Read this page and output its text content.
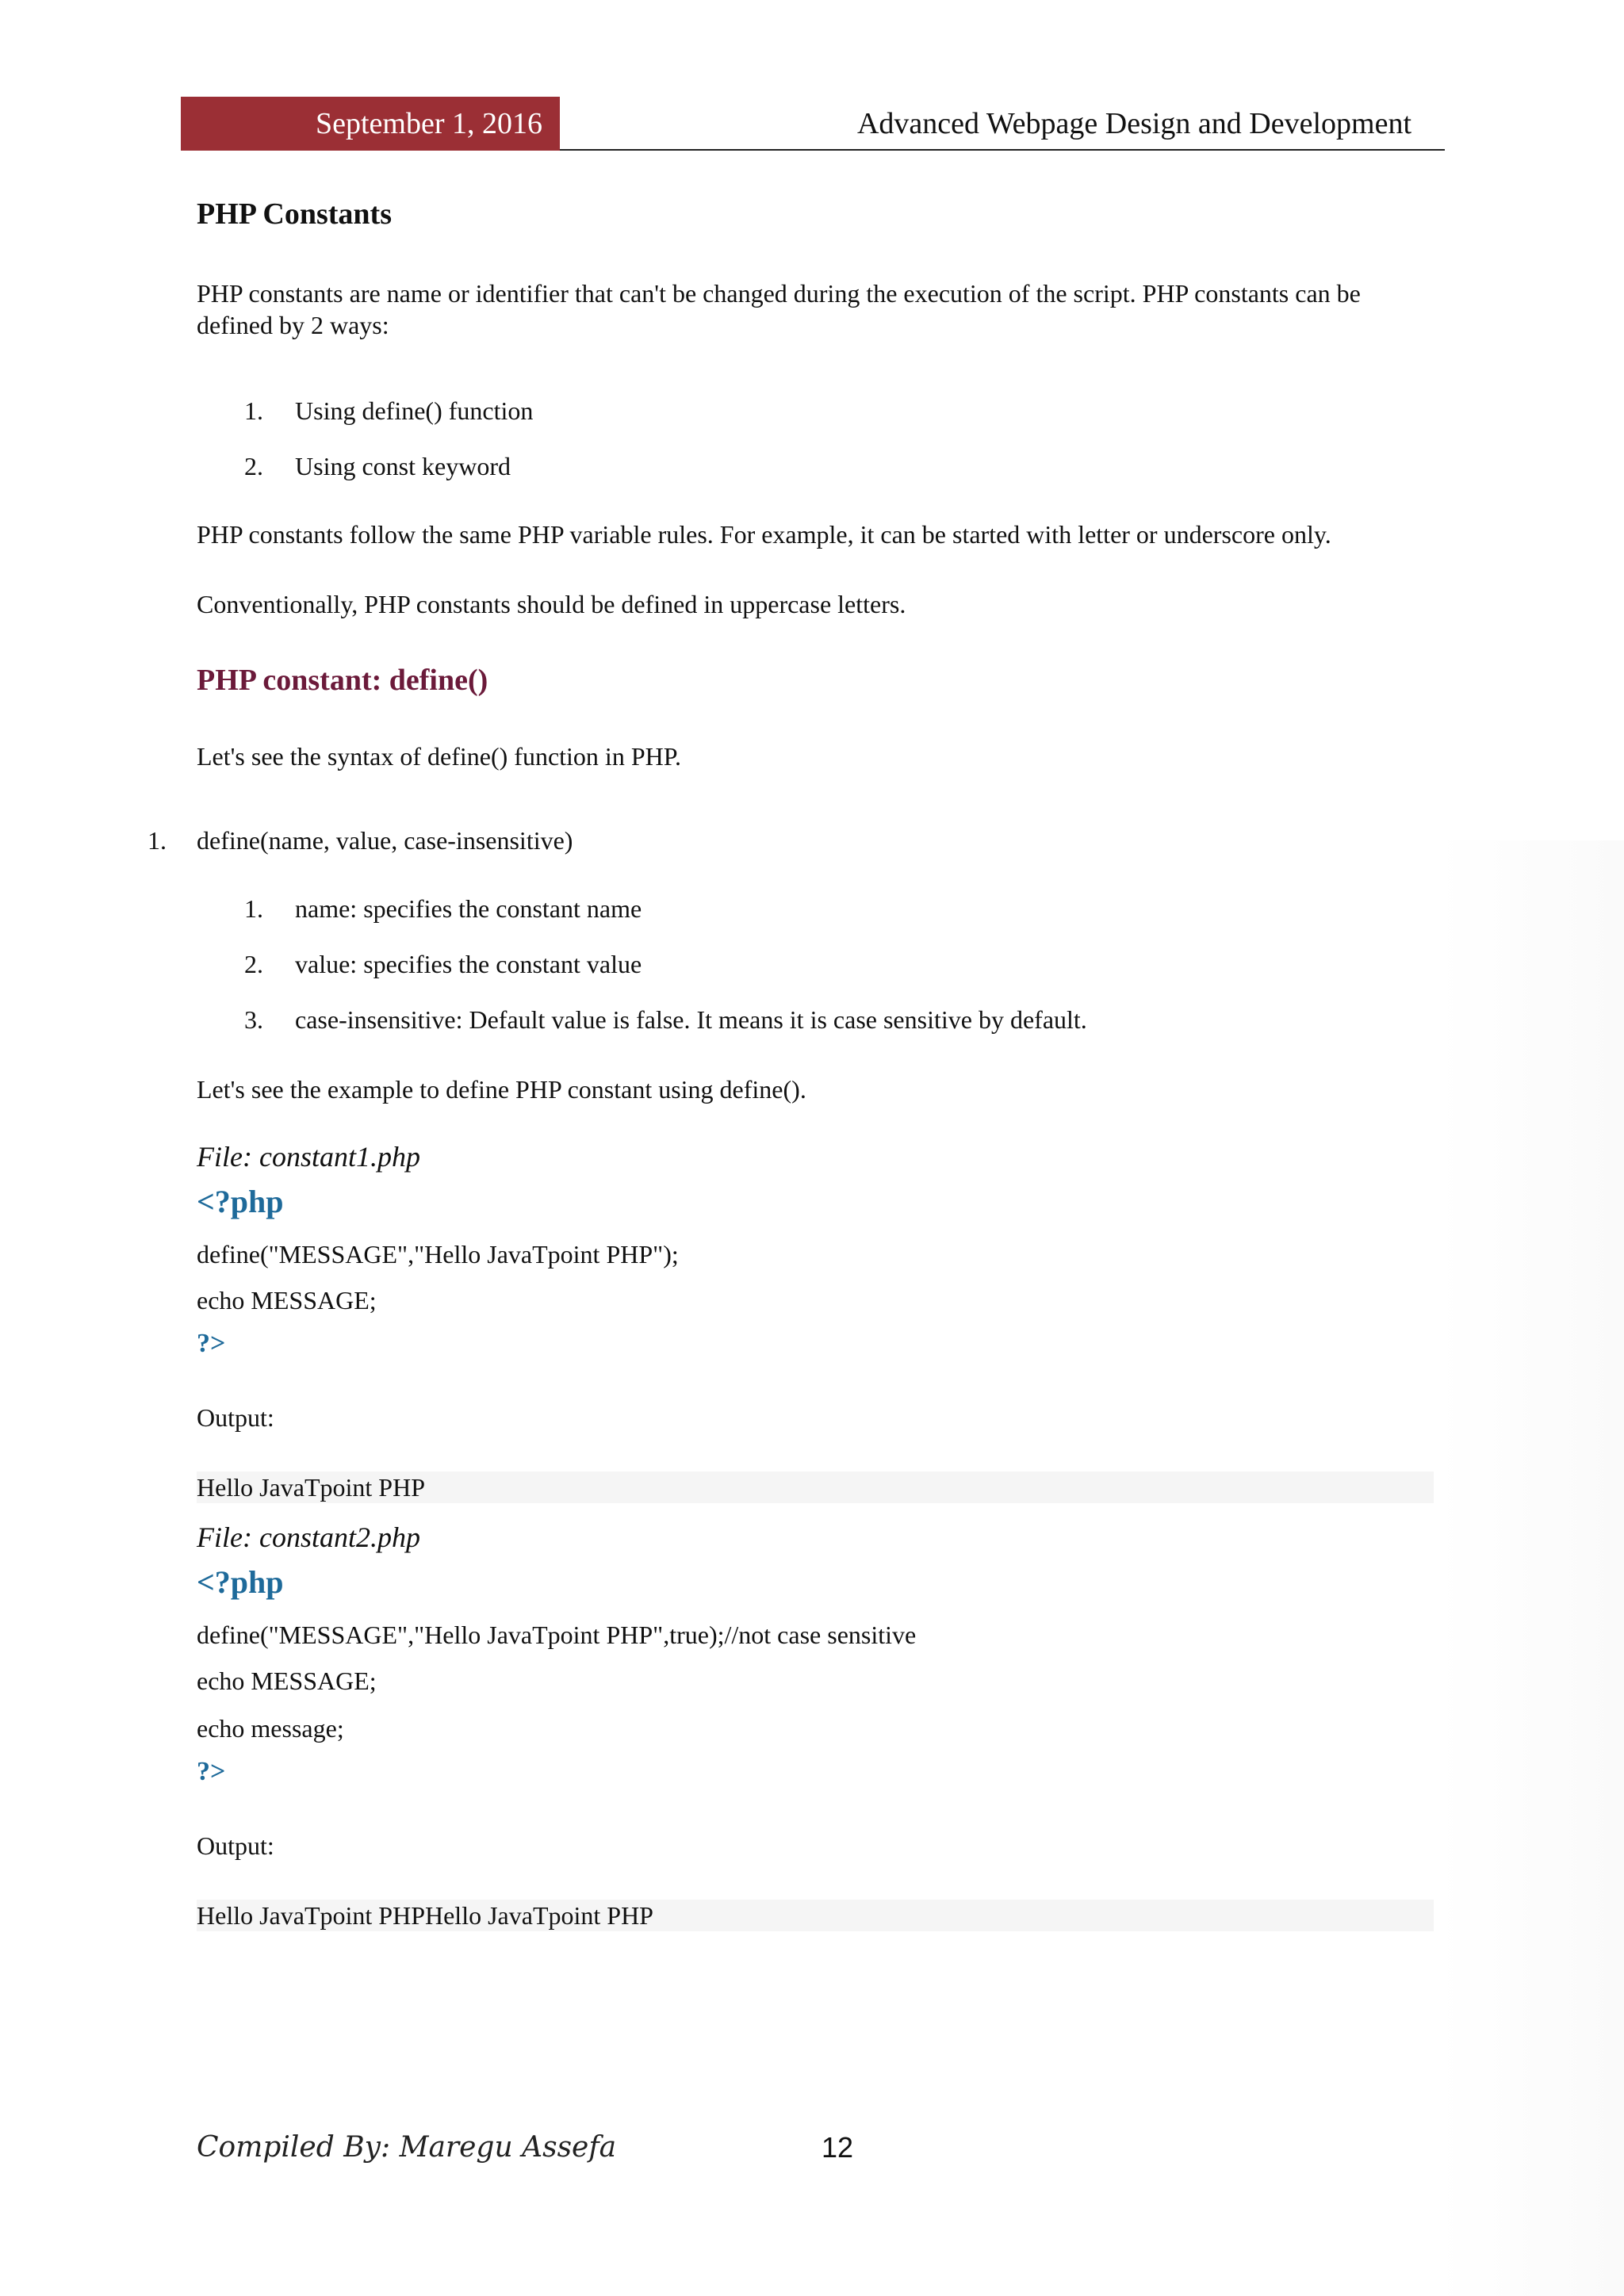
September 1, 2016	Advanced Webpage Design and Development
PHP Constants
PHP constants are name or identifier that can't be changed during the execution of the script. PHP constants can be defined by 2 ways:
1. Using define() function
2. Using const keyword
PHP constants follow the same PHP variable rules. For example, it can be started with letter or underscore only.
Conventionally, PHP constants should be defined in uppercase letters.
PHP constant: define()
Let's see the syntax of define() function in PHP.
1. define(name, value, case-insensitive)
1. name: specifies the constant name
2. value: specifies the constant value
3. case-insensitive: Default value is false. It means it is case sensitive by default.
Let's see the example to define PHP constant using define().
File: constant1.php
<?php
define("MESSAGE","Hello JavaTpoint PHP");
echo MESSAGE;
?>
Output:
Hello JavaTpoint PHP
File: constant2.php
<?php
define("MESSAGE","Hello JavaTpoint PHP",true);//not case sensitive
echo MESSAGE;
echo message;
?>
Output:
Hello JavaTpoint PHPHello JavaTpoint PHP
Compiled By: Maregu Assefa	12
